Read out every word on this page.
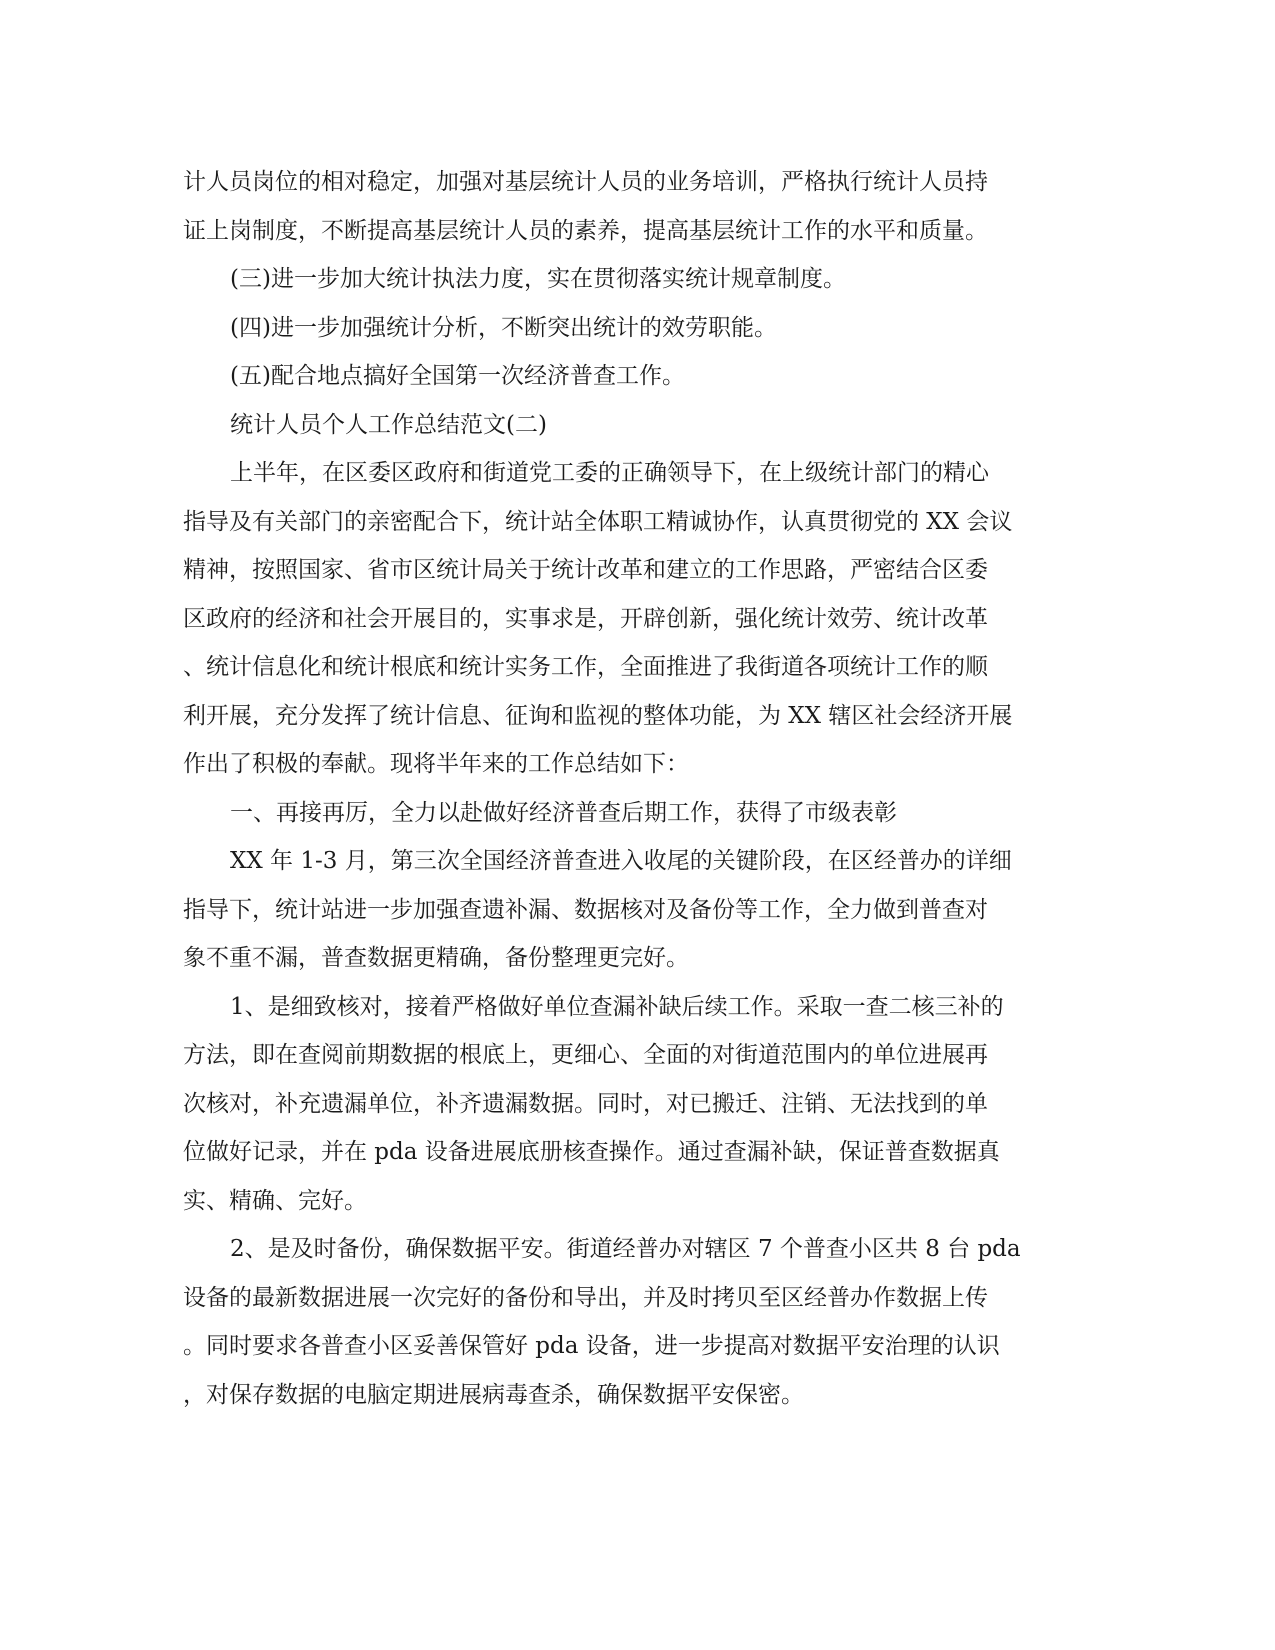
计人员岗位的相对稳定，加强对基层统计人员的业务培训，严格执行统计人员持
证上岗制度，不断提高基层统计人员的素养，提高基层统计工作的水平和质量。
(三)进一步加大统计执法力度，实在贯彻落实统计规章制度。
(四)进一步加强统计分析，不断突出统计的效劳职能。
(五)配合地点搞好全国第一次经济普查工作。
统计人员个人工作总结范文(二)
上半年，在区委区政府和街道党工委的正确领导下，在上级统计部门的精心
指导及有关部门的亲密配合下，统计站全体职工精诚协作，认真贯彻党的 XX 会议
精神，按照国家、省市区统计局关于统计改革和建立的工作思路，严密结合区委
区政府的经济和社会开展目的，实事求是，开辟创新，强化统计效劳、统计改革
、统计信息化和统计根底和统计实务工作，全面推进了我街道各项统计工作的顺
利开展，充分发挥了统计信息、征询和监视的整体功能，为 XX 辖区社会经济开展
作出了积极的奉献。现将半年来的工作总结如下：
一、再接再厉，全力以赴做好经济普查后期工作，获得了市级表彰
XX 年 1-3 月，第三次全国经济普查进入收尾的关键阶段，在区经普办的详细
指导下，统计站进一步加强查遗补漏、数据核对及备份等工作，全力做到普查对
象不重不漏，普查数据更精确，备份整理更完好。
1、是细致核对，接着严格做好单位查漏补缺后续工作。采取一查二核三补的
方法，即在查阅前期数据的根底上，更细心、全面的对街道范围内的单位进展再
次核对，补充遗漏单位，补齐遗漏数据。同时，对已搬迁、注销、无法找到的单
位做好记录，并在 pda 设备进展底册核查操作。通过查漏补缺，保证普查数据真
实、精确、完好。
2、是及时备份，确保数据平安。街道经普办对辖区 7 个普查小区共 8 台 pda
设备的最新数据进展一次完好的备份和导出，并及时拷贝至区经普办作数据上传
。同时要求各普查小区妥善保管好 pda 设备，进一步提高对数据平安治理的认识
，对保存数据的电脑定期进展病毒查杀，确保数据平安保密。
